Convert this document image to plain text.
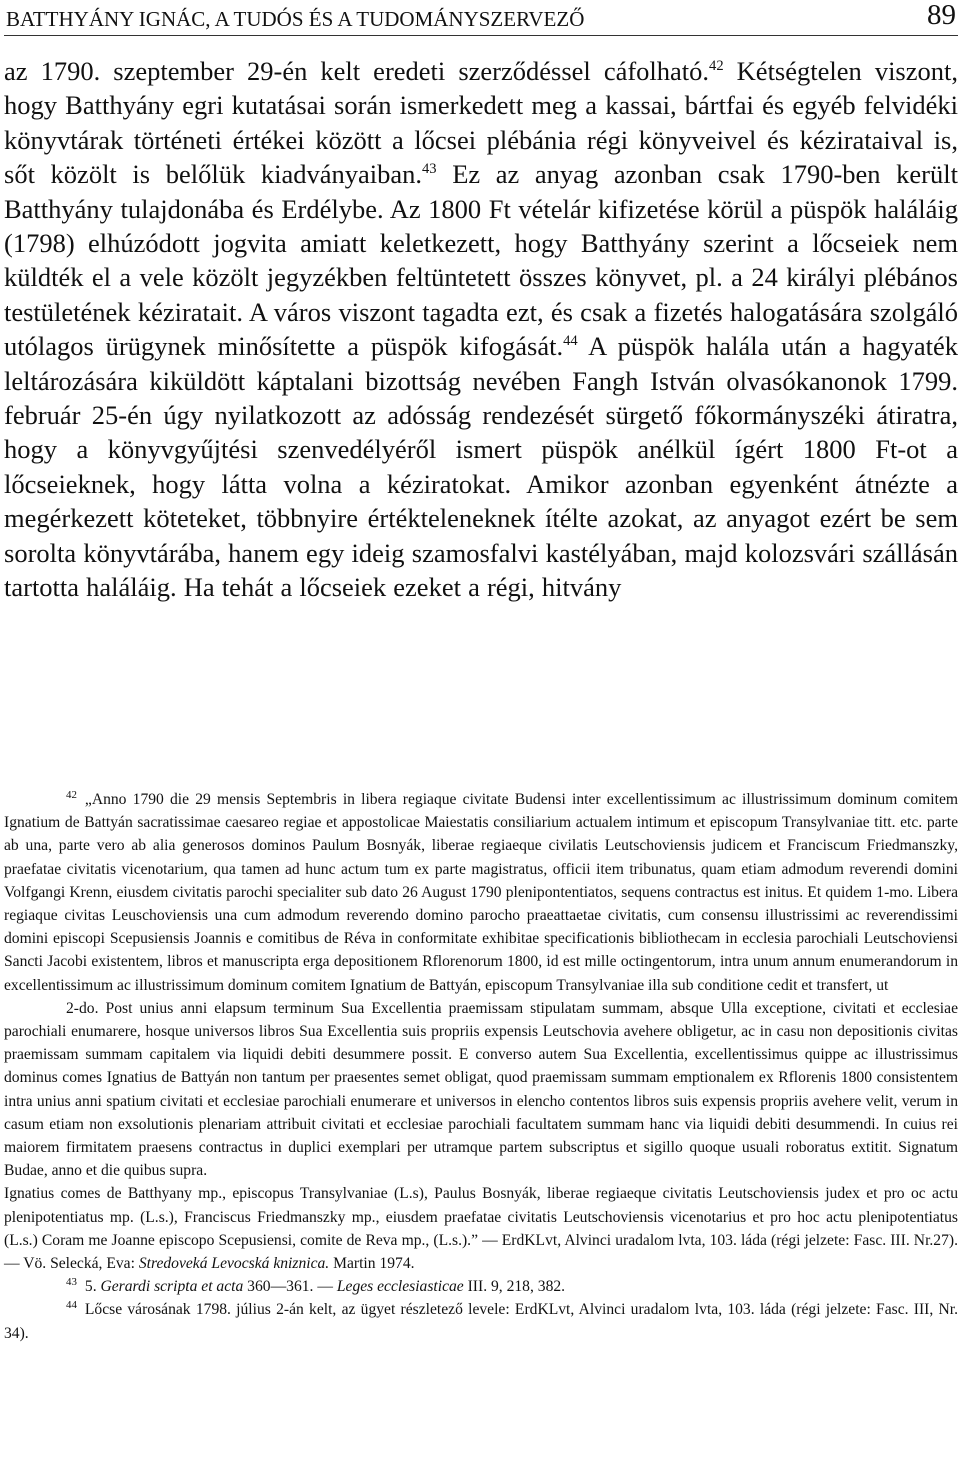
BATTHYÁNY IGNÁC, A TUDÓS ÉS A TUDOMÁNYSZERVEZŐ	89

az 1790. szeptember 29-én kelt eredeti szerződéssel cáfolható.$^{42}$ Kétségtelen viszont, hogy Batthyány egri kutatásai során ismerkedett meg a kassai, bártfai és egyéb felvidéki könyvtárak történeti értékei között a lőcsei plébánia régi könyveivel és kézirataival is, sőt közölt is belőlük kiadványaiban.$^{43}$ Ez az anyag azonban csak 1790-ben került Batthyány tulajdonába és Erdélybe. Az 1800 Ft vételár kifizetése körül a püspök haláláig (1798) elhúzódott jogvita amiatt keletkezett, hogy Batthyány szerint a lőcseiek nem küldték el a vele közölt jegyzékben feltüntetett összes könyvet, pl. a 24 királyi plébános testületének kéziratait. A város viszont tagadta ezt, és csak a fizetés halogatására szolgáló utólagos ürügynek minősítette a püspök kifogását.$^{44}$ A püspök halála után a hagyaték leltározására kiküldött káptalani bizottság nevében Fangh István olvasókanonok 1799. február 25-én úgy nyilatkozott az adósság rendezését sürgető főkormányszéki átiratra, hogy a könyvgyűjtési szenvedélyéről ismert püspök anélkül ígért 1800 Ft-ot a lőcseieknek, hogy látta volna a kéziratokat. Amikor azonban egyenként átnézte a megérkezett köteteket, többnyire értékteleneknek ítélte azokat, az anyagot ezért be sem sorolta könyvtárába, hanem egy ideig szamosfalvi kastélyában, majd kolozsvári szállásán tartotta haláláig. Ha tehát a lőcseiek ezeket a régi, hitvány

$^{42}$ „Anno 1790 die 29 mensis Septembris in libera regiaque civitate Budensi inter excellentissimum ac illustrissimum dominum comitem Ignatium de Battyán sacratissimae caesareo regiae et appostolicae Maiestatis consiliarium actualem intimum et episcopum Transylvaniae titt. etc. parte ab una, parte vero ab alia generosos dominos Paulum Bosnyák, liberae regiaeque civilatis Leutschoviensis judicem et Franciscum Friedmanszky, praefatae civitatis vicenotarium, qua tamen ad hunc actum tum ex parte magistratus, officii item tribunatus, quam etiam admodum reverendi domini Volfgangi Krenn, eiusdem civitatis parochi specialiter sub dato 26 August 1790 plenipontentiatos, sequens contractus est initus. Et quidem 1-mo. Libera regiaque civitas Leuschoviensis una cum admodum reverendo domino parocho praeattaetae civitatis, cum consensu illustrissimi ac reverendissimi domini episcopi Scepusiensis Joannis e comitibus de Réva in conformitate exhibitae specificationis bibliothecam in ecclesia parochiali Leutschoviensi Sancti Jacobi existentem, libros et manuscripta erga depositionem Rflorenorum 1800, id est mille octingentorum, intra unum annum enumerandorum in excellentissimum ac illustrissimum dominum comitem Ignatium de Battyán, episcopum Transylvaniae illa sub conditione cedit et transfert, ut

2-do. Post unius anni elapsum terminum Sua Excellentia praemissam stipulatam summam, absque Ulla exceptione, civitati et ecclesiae parochiali enumarere, hosque universos libros Sua Excellentia suis propriis expensis Leutschovia avehere obligetur, ac in casu non depositionis civitas praemissam summam capitalem via liquidi debiti desummere possit. E converso autem Sua Excellentia, excellentissimus quippe ac illustrissimus dominus comes Ignatius de Battyán non tantum per praesentes semet obligat, quod praemissam summam emptionalem ex Rflorenis 1800 consistentem intra unius anni spatium civitati et ecclesiae parochiali enumerare et universos in elencho contentos libros suis expensis propriis avehere velit, verum in casum etiam non exsolutionis plenariam attribuit civitati et ecclesiae parochiali facultatem summam hanc via liquidi debiti desummendi. In cuius rei maiorem firmitatem praesens contractus in duplici exemplari per utramque partem subscriptus et sigillo quoque usuali roboratus extitit. Signatum Budae, anno et die quibus supra.

Ignatius comes de Batthyany mp., episcopus Transylvaniae (L.s), Paulus Bosnyák, liberae regiaeque civitatis Leutschoviensis judex et pro oc actu plenipotentiatus mp. (L.s.), Franciscus Friedmanszky mp., eiusdem praefatae civitatis Leutschoviensis vicenotarius et pro hoc actu plenipotentiatus (L.s.) Coram me Joanne episcopo Scepusiensi, comite de Reva mp., (L.s.).” — ErdKLvt, Alvinci uradalom lvta, 103. láda (régi jelzete: Fasc. III. Nr.27). — Vö. Selecká, Eva: Stredoveká Levocská kniznica. Martin 1974.

$^{43}$ 5. Gerardi scripta et acta 360—361. — Leges ecclesiasticae III. 9, 218, 382.

$^{44}$ Lőcse városának 1798. július 2-án kelt, az ügyet részletező levele: ErdKLvt, Alvinci uradalom lvta, 103. láda (régi jelzete: Fasc. III, Nr. 34).
